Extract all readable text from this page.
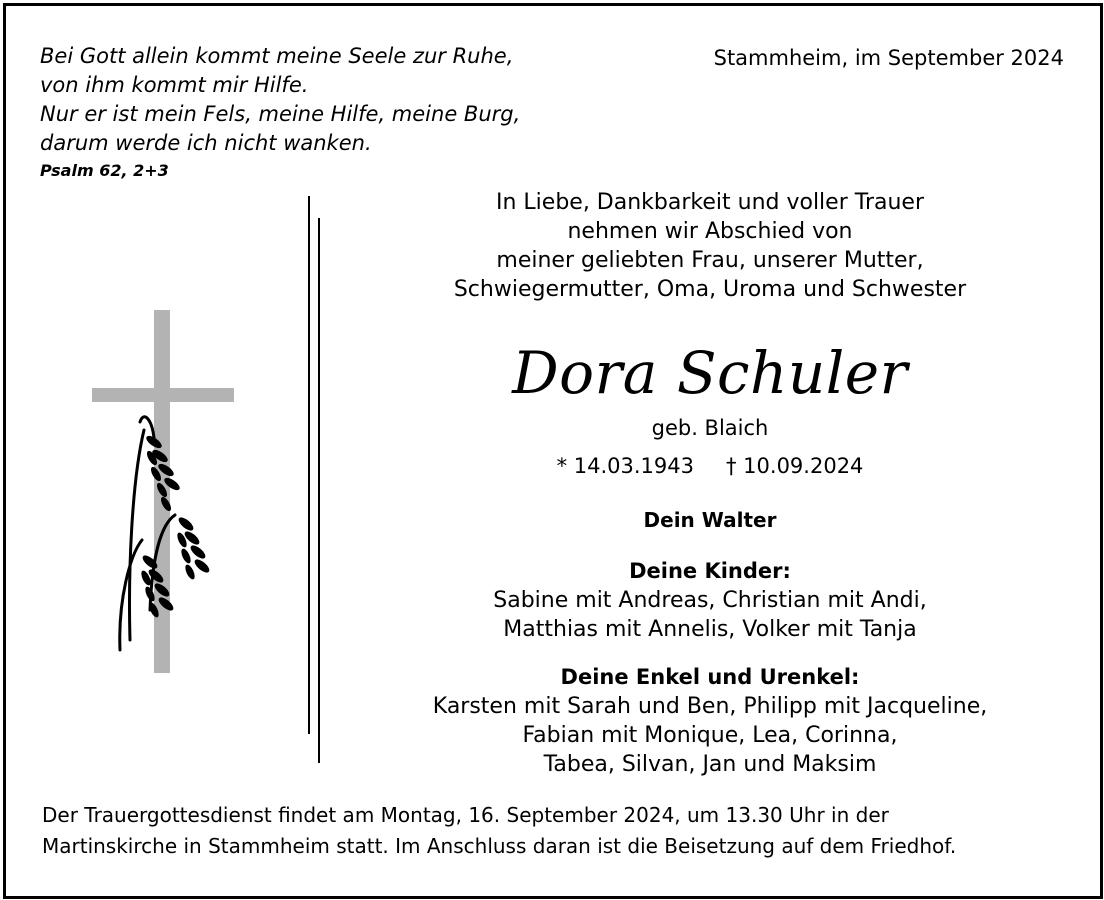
Bei Gott allein kommt meine Seele zur Ruhe,
von ihm kommt mir Hilfe.
Nur er ist mein Fels, meine Hilfe, meine Burg,
darum werde ich nicht wanken.
Psalm 62, 2+3
Stammheim, im September 2024
In Liebe, Dankbarkeit und voller Trauer
nehmen wir Abschied von
meiner geliebten Frau, unserer Mutter,
Schwiegermutter, Oma, Uroma und Schwester
Dora Schuler
geb. Blaich
* 14.03.1943 † 10.09.2024
Dein Walter
Deine Kinder:
Sabine mit Andreas, Christian mit Andi,
Matthias mit Annelis, Volker mit Tanja
Deine Enkel und Urenkel:
Karsten mit Sarah und Ben, Philipp mit Jacqueline,
Fabian mit Monique, Lea, Corinna,
Tabea, Silvan, Jan und Maksim
Der Trauergottesdienst findet am Montag, 16. September 2024, um 13.30 Uhr in der
Martinskirche in Stammheim statt. Im Anschluss daran ist die Beisetzung auf dem Friedhof.
